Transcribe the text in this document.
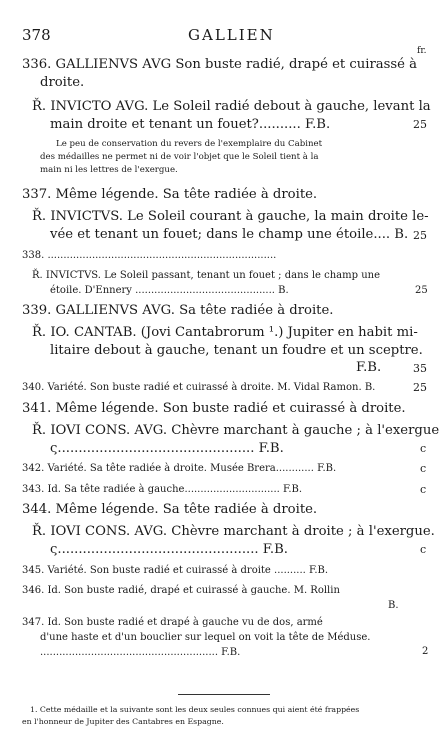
378	GALLIEN
fr.
336. GALLIENVS AVG Son buste radié, drapé et cuirassé à
droite.
Ř. INVICTO AVG. Le Soleil radié debout à gauche, levant la
main droite et tenant un fouet?.......... F.B.	25
Le peu de conservation du revers de l'exemplaire du Cabinet
des médailles ne permet ni de voir l'objet que le Soleil tient à la
main ni les lettres de l'exergue.
337. Même légende. Sa tête radiée à droite.
Ř. INVICTVS. Le Soleil courant à gauche, la main droite le-
vée et tenant un fouet; dans le champ une étoile.... B. 25
338. ........................................................................
Ř. INVICTVS. Le Soleil passant, tenant un fouet ; dans le champ une
étoile. D'Ennery ............................................ B.	25
339. GALLIENVS AVG. Sa tête radiée à droite.
Ř. IO. CANTAB. (Jovi Cantabrorum ¹.) Jupiter en habit mi-
litaire debout à gauche, tenant un foudre et un sceptre.
F.B.	35
340. Variété. Son buste radié et cuirassé à droite. M. Vidal Ramon. B.	25
341. Même légende. Son buste radié et cuirassé à droite.
Ř. IOVI CONS. AVG. Chèvre marchant à gauche ; à l'exergue
ς............................................... F.B.	c
342. Variété. Sa tête radiée à droite. Musée Brera............ F.B.	c
343. Id. Sa tête radiée à gauche.............................. F.B.	c
344. Même légende. Sa tête radiée à droite.
Ř. IOVI CONS. AVG. Chèvre marchant à droite ; à l'exergue.
ς................................................ F.B.	c
345. Variété. Son buste radié et cuirassé à droite .......... F.B.
346. Id. Son buste radié, drapé et cuirassé à gauche. M. Rollin
B.
347. Id. Son buste radié et drapé à gauche vu de dos, armé
d'une haste et d'un bouclier sur lequel on voit la tête de Méduse.
........................................................ F.B.	2
1. Cette médaille et la suivante sont les deux seules connues qui aient été frappées
en l'honneur de Jupiter des Cantabres en Espagne.
